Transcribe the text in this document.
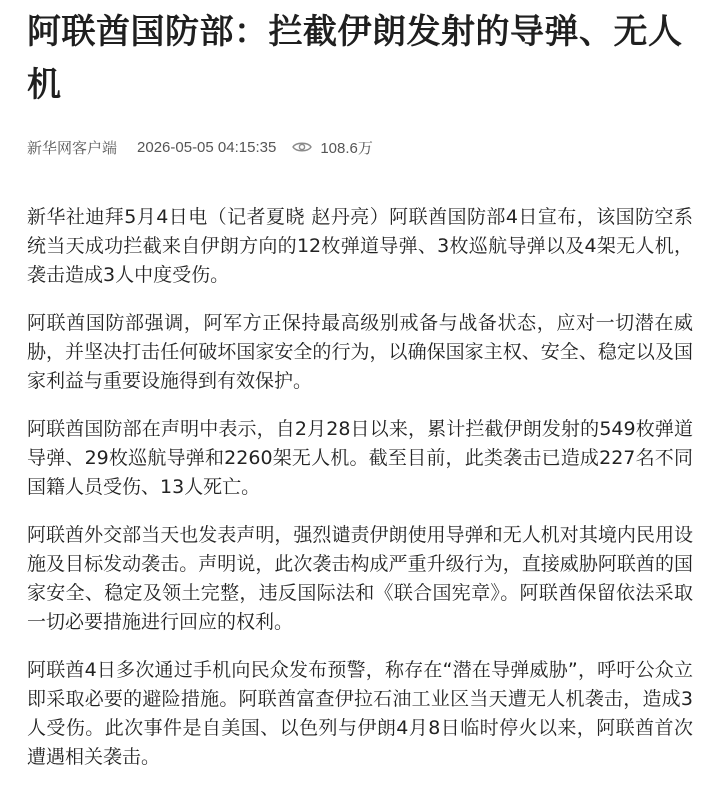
阿联酋国防部：拦截伊朗发射的导弹、无人机
新华网客户端 2026-05-05 04:15:35	108.6万

新华社迪拜5月4日电（记者夏晓 赵丹亮）阿联酋国防部4日宣布，该国防空系统当天成功拦截来自伊朗方向的12枚弹道导弹、3枚巡航导弹以及4架无人机，袭击造成3人中度受伤。

阿联酋国防部强调，阿军方正保持最高级别戒备与战备状态，应对一切潜在威胁，并坚决打击任何破坏国家安全的行为，以确保国家主权、安全、稳定以及国家利益与重要设施得到有效保护。

阿联酋国防部在声明中表示，自2月28日以来，累计拦截伊朗发射的549枚弹道导弹、29枚巡航导弹和2260架无人机。截至目前，此类袭击已造成227名不同国籍人员受伤、13人死亡。

阿联酋外交部当天也发表声明，强烈谴责伊朗使用导弹和无人机对其境内民用设施及目标发动袭击。声明说，此次袭击构成严重升级行为，直接威胁阿联酋的国家安全、稳定及领土完整，违反国际法和《联合国宪章》。阿联酋保留依法采取一切必要措施进行回应的权利。

阿联酋4日多次通过手机向民众发布预警，称存在“潜在导弹威胁”，呼吁公众立即采取必要的避险措施。阿联酋富查伊拉石油工业区当天遭无人机袭击，造成3人受伤。此次事件是自美国、以色列与伊朗4月8日临时停火以来，阿联酋首次遭遇相关袭击。
